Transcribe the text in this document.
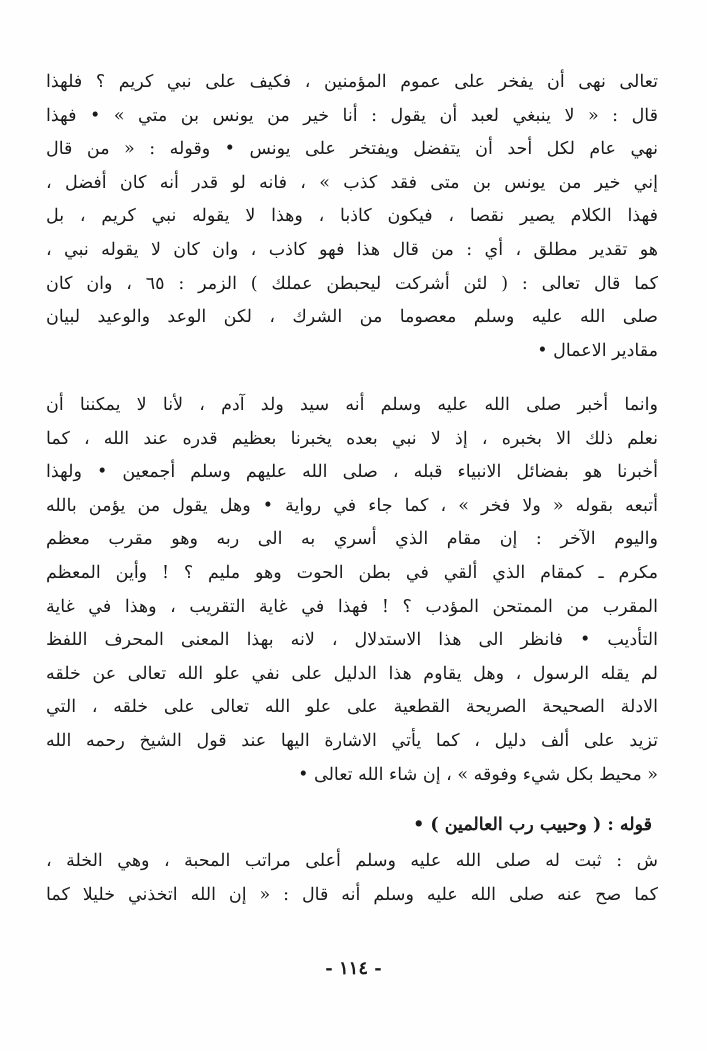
تعالى نهى أن يفخر على عموم المؤمنين ، فكيف على نبي كريم ؟ فلهذا
قال : « لا ينبغي لعبد أن يقول : أنا خير من يونس بن متي » • فهذا
نهي عام لكل أحد أن يتفضل ويفتخر على يونس • وقوله : « من قال
إني خير من يونس بن متى فقد كذب » ، فانه لو قدر أنه كان أفضل ،
فهذا الكلام يصير نقصا ، فيكون كاذبا ، وهذا لا يقوله نبي كريم ، بل
هو تقدير مطلق ، أي : من قال هذا فهو كاذب ، وان كان لا يقوله نبي ،
كما قال تعالى : ( لئن أشركت ليحبطن عملك ) الزمر : ٦٥ ، وان كان
صلى الله عليه وسلم معصوما من الشرك ، لكن الوعد والوعيد لبيان
مقادير الاعمال •
وانما أخبر صلى الله عليه وسلم أنه سيد ولد آدم ، لأنا لا يمكننا أن
نعلم ذلك الا بخبره ، إذ لا نبي بعده يخبرنا بعظيم قدره عند الله ، كما
أخبرنا هو بفضائل الانبياء قبله ، صلى الله عليهم وسلم أجمعين • ولهذا
أتبعه بقوله « ولا فخر » ، كما جاء في رواية • وهل يقول من يؤمن بالله
واليوم الآخر : إن مقام الذي أسري به الى ربه وهو مقرب معظم
مكرم ـ كمقام الذي ألقي في بطن الحوت وهو مليم ؟ ! وأين المعظم
المقرب من الممتحن المؤدب ؟ ! فهذا في غاية التقريب ، وهذا في غاية
التأديب • فانظر الى هذا الاستدلال ، لانه بهذا المعنى المحرف اللفظ
لم يقله الرسول ، وهل يقاوم هذا الدليل على نفي علو الله تعالى عن خلقه
الادلة الصحيحة الصريحة القطعية على علو الله تعالى على خلقه ، التي
تزيد على ألف دليل ، كما يأتي الاشارة اليها عند قول الشيخ رحمه الله
« محيط بكل شيء وفوقه » ، إن شاء الله تعالى •
قوله : ( وحبيب رب العالمين ) •
ش : ثبت له صلى الله عليه وسلم أعلى مراتب المحبة ، وهي الخلة ،
كما صح عنه صلى الله عليه وسلم أنه قال : « إن الله اتخذني خليلا كما
- ١١٤ -
